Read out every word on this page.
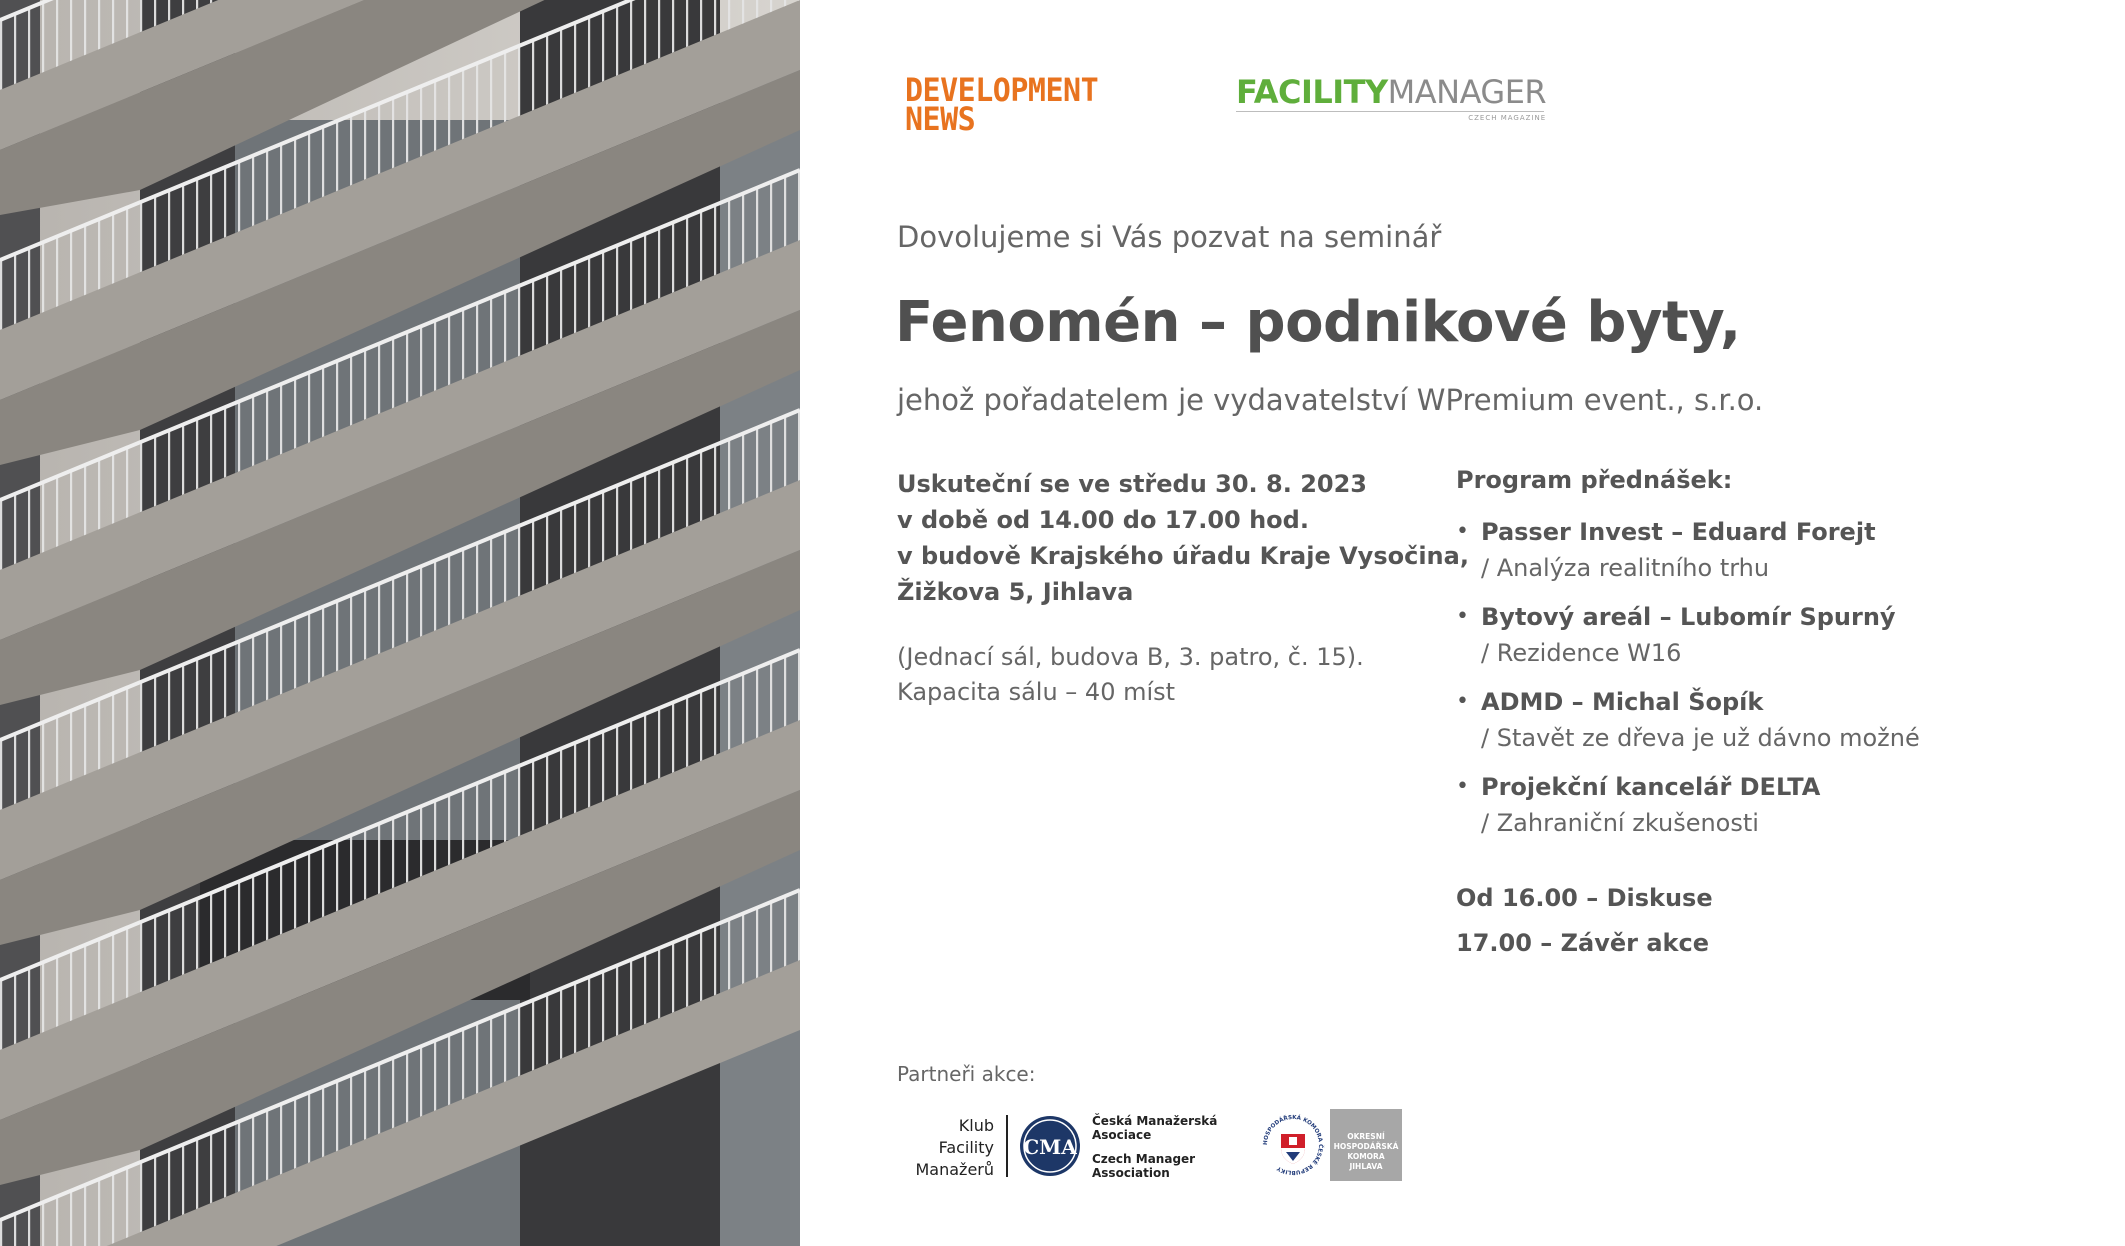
DEVELOPMENT
NEWS
FACILITYMANAGER
CZECH MAGAZINE
Dovolujeme si Vás pozvat na seminář
Fenomén – podnikové byty,
jehož pořadatelem je vydavatelství WPremium event., s.r.o.
Uskuteční se ve středu 30. 8. 2023
v době od 14.00 do 17.00 hod.
v budově Krajského úřadu Kraje Vysočina,
Žižkova 5, Jihlava
(Jednací sál, budova B, 3. patro, č. 15).
Kapacita sálu – 40 míst
Program přednášek:
• Passer Invest – Eduard Forejt
/ Analýza realitního trhu
• Bytový areál – Lubomír Spurný
/ Rezidence W16
• ADMD – Michal Šopík
/ Stavět ze dřeva je už dávno možné
• Projekční kancelář DELTA
/ Zahraniční zkušenosti
Od 16.00 – Diskuse
17.00 – Závěr akce
Partneři akce:
Klub
Facility
Manažerů
CMA
Česká Manažerská
Asociace
Czech Manager
Association
HOSPODÁŘSKÁ KOMORA ČESKÉ REPUBLIKY
OKRESNÍ
HOSPODÁŘSKÁ
KOMORA JIHLAVA
